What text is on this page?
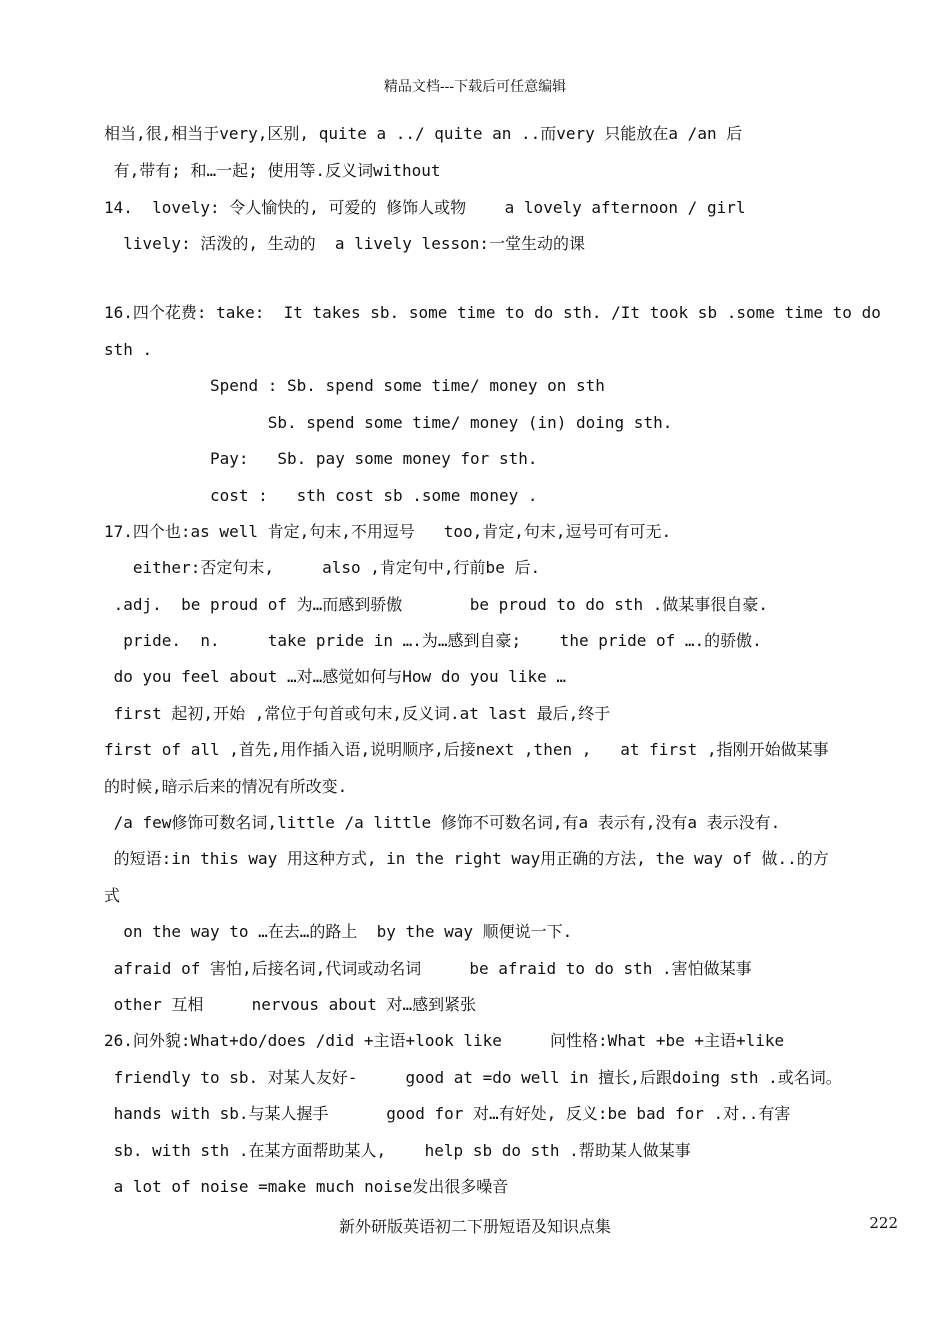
精品文档---下载后可任意编辑
相当,很,相当于very,区别, quite a ../ quite an ..而very 只能放在a /an 后
有,带有; 和…一起; 使用等.反义词without
14.  lovely: 令人愉快的, 可爱的 修饰人或物    a lovely afternoon / girl
lively: 活泼的, 生动的  a lively lesson:一堂生动的课
16.四个花费: take:  It takes sb. some time to do sth. /It took sb .some time to do
sth .
Spend : Sb. spend some time/ money on sth
Sb. spend some time/ money (in) doing sth.
Pay:   Sb. pay some money for sth.
cost :   sth cost sb .some money .
17.四个也:as well 肯定,句末,不用逗号   too,肯定,句末,逗号可有可无.
either:否定句末,     also ,肯定句中,行前be 后.
.adj.  be proud of 为…而感到骄傲       be proud to do sth .做某事很自豪.
pride.  n.     take pride in ….为…感到自豪;    the pride of ….的骄傲.
do you feel about …对…感觉如何与How do you like …
first 起初,开始 ,常位于句首或句末,反义词.at last 最后,终于
first of all ,首先,用作插入语,说明顺序,后接next ,then ,   at first ,指刚开始做某事
的时候,暗示后来的情况有所改变.
/a few修饰可数名词,little /a little 修饰不可数名词,有a 表示有,没有a 表示没有.
的短语:in this way 用这种方式, in the right way用正确的方法, the way of 做..的方
式
on the way to …在去…的路上  by the way 顺便说一下.
afraid of 害怕,后接名词,代词或动名词     be afraid to do sth .害怕做某事
other 互相     nervous about 对…感到紧张
26.问外貌:What+do/does /did +主语+look like     问性格:What +be +主语+like
friendly to sb. 对某人友好-     good at =do well in 擅长,后跟doing sth .或名词。
hands with sb.与某人握手      good for 对…有好处, 反义:be bad for .对..有害
sb. with sth .在某方面帮助某人,    help sb do sth .帮助某人做某事
a lot of noise =make much noise发出很多噪音
新外研版英语初二下册短语及知识点集	222
